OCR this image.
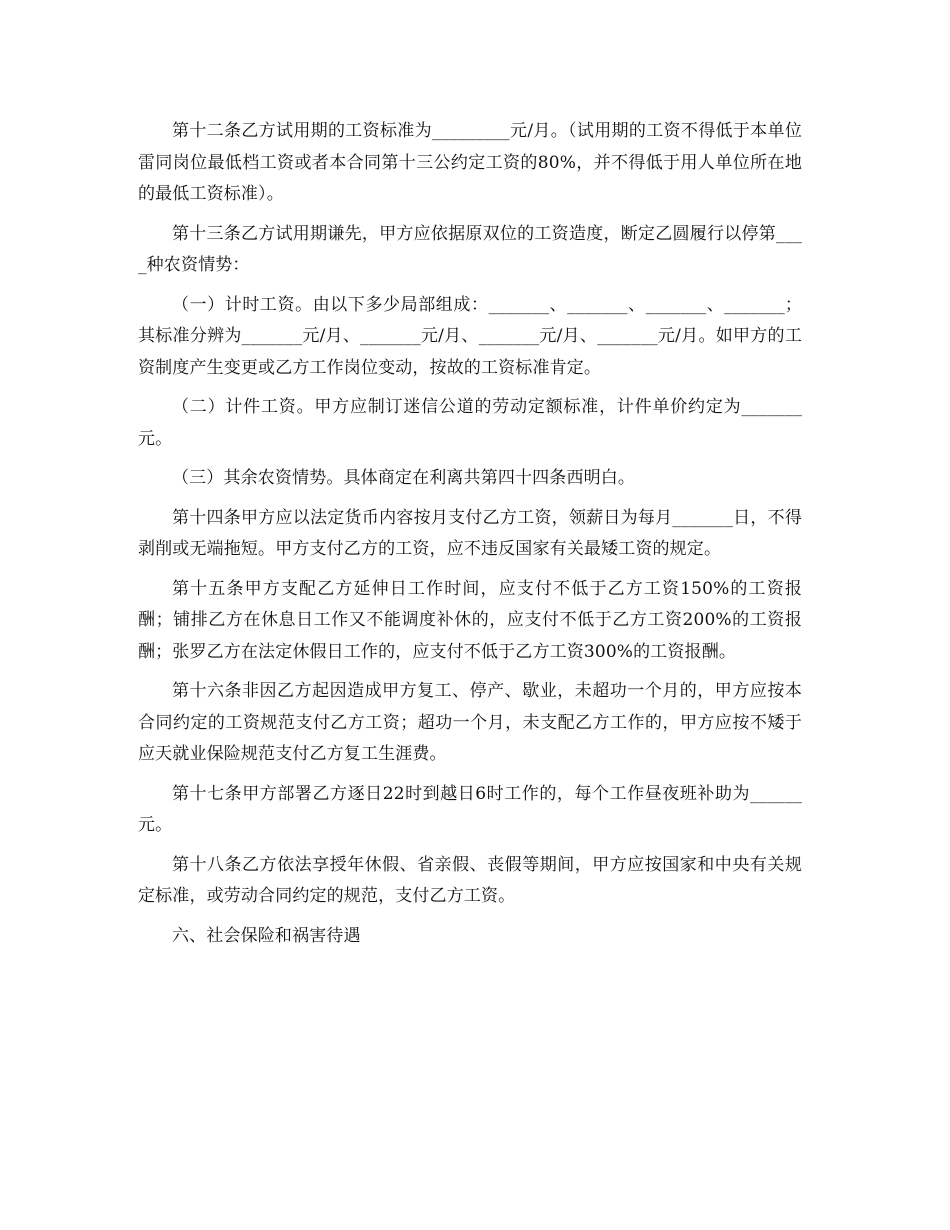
第十二条乙方试用期的工资标准为_________元/月。（试用期的工资不得低于本单位雷同岗位最低档工资或者本合同第十三公约定工资的80%，并不得低于用人单位所在地的最低工资标准）。

第十三条乙方试用期谦先，甲方应依据原双位的工资造度，断定乙圆履行以停第____种农资情势：

（一）计时工资。由以下多少局部组成：_______、_______、_______、_______；其标准分辨为_______元/月、_______元/月、_______元/月、_______元/月。如甲方的工资制度产生变更或乙方工作岗位变动，按故的工资标准肯定。

（二）计件工资。甲方应制订迷信公道的劳动定额标准，计件单价约定为_______元。

（三）其余农资情势。具体商定在利离共第四十四条西明白。

第十四条甲方应以法定货币内容按月支付乙方工资，领薪日为每月_______日，不得剥削或无端拖短。甲方支付乙方的工资，应不违反国家有关最矮工资的规定。

第十五条甲方支配乙方延伸日工作时间，应支付不低于乙方工资150%的工资报酬；铺排乙方在休息日工作又不能调度补休的，应支付不低于乙方工资200%的工资报酬；张罗乙方在法定休假日工作的，应支付不低于乙方工资300%的工资报酬。

第十六条非因乙方起因造成甲方复工、停产、歇业，未超功一个月的，甲方应按本合同约定的工资规范支付乙方工资；超功一个月，未支配乙方工作的，甲方应按不矮于应天就业保险规范支付乙方复工生涯费。

第十七条甲方部署乙方逐日22时到越日6时工作的，每个工作昼夜班补助为______元。

第十八条乙方依法享授年休假、省亲假、丧假等期间，甲方应按国家和中央有关规定标准，或劳动合同约定的规范，支付乙方工资。

六、社会保险和祸害待遇
